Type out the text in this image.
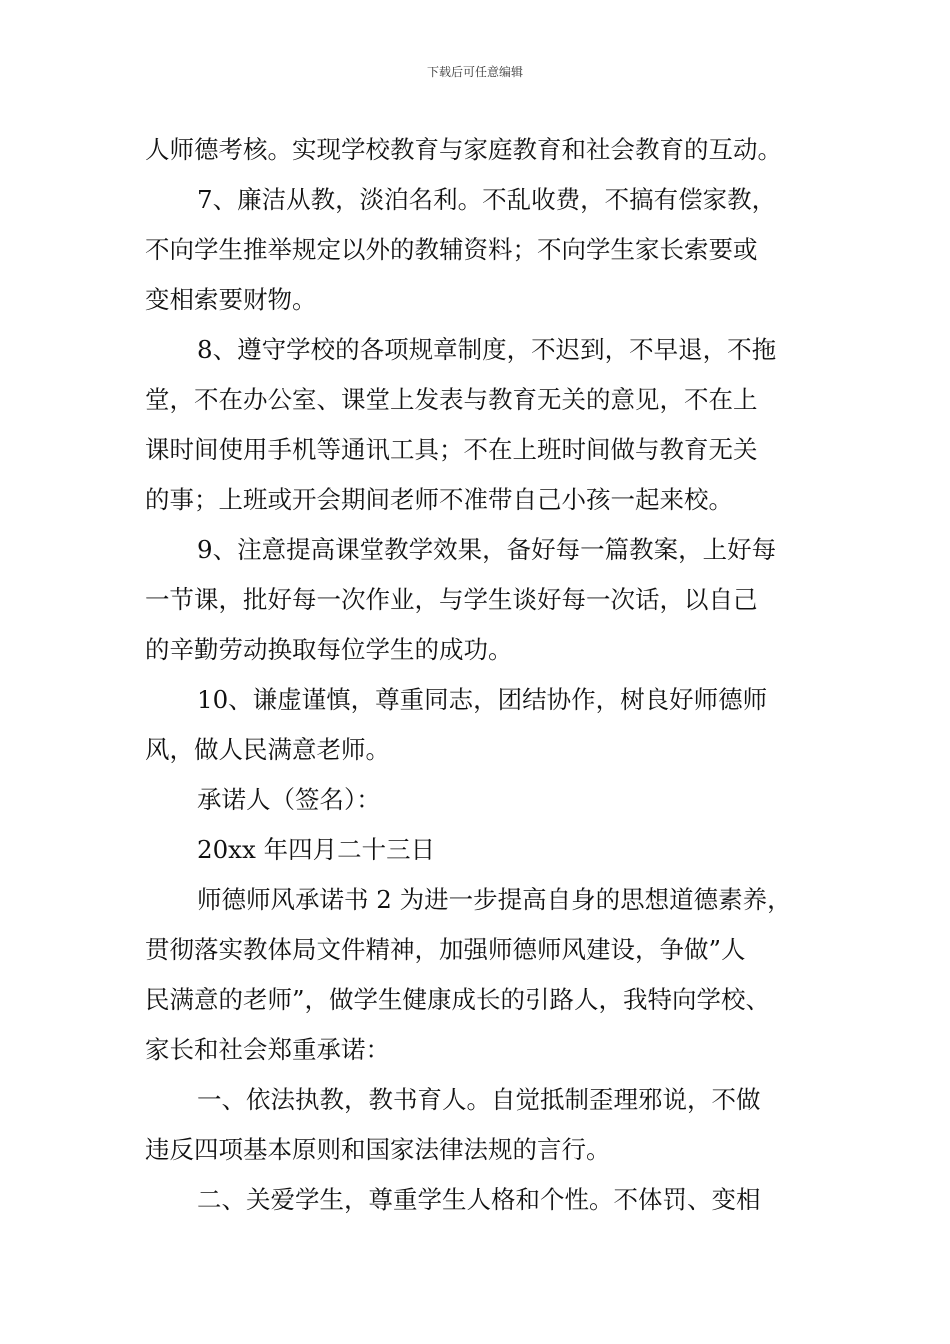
下载后可任意编辑
人师德考核。实现学校教育与家庭教育和社会教育的互动。
7、廉洁从教，淡泊名利。不乱收费，不搞有偿家教，
不向学生推举规定以外的教辅资料；不向学生家长索要或
变相索要财物。
8、遵守学校的各项规章制度，不迟到，不早退，不拖
堂，不在办公室、课堂上发表与教育无关的意见，不在上
课时间使用手机等通讯工具；不在上班时间做与教育无关
的事；上班或开会期间老师不准带自己小孩一起来校。
9、注意提高课堂教学效果，备好每一篇教案，上好每
一节课，批好每一次作业，与学生谈好每一次话，以自己
的辛勤劳动换取每位学生的成功。
10、谦虚谨慎，尊重同志，团结协作，树良好师德师
风，做人民满意老师。
承诺人（签名）：
20xx 年四月二十三日
师德师风承诺书 2 为进一步提高自身的思想道德素养，
贯彻落实教体局文件精神，加强师德师风建设，争做”人
民满意的老师”，做学生健康成长的引路人，我特向学校、
家长和社会郑重承诺：
一、依法执教，教书育人。自觉抵制歪理邪说，不做
违反四项基本原则和国家法律法规的言行。
二、关爱学生，尊重学生人格和个性。不体罚、变相
